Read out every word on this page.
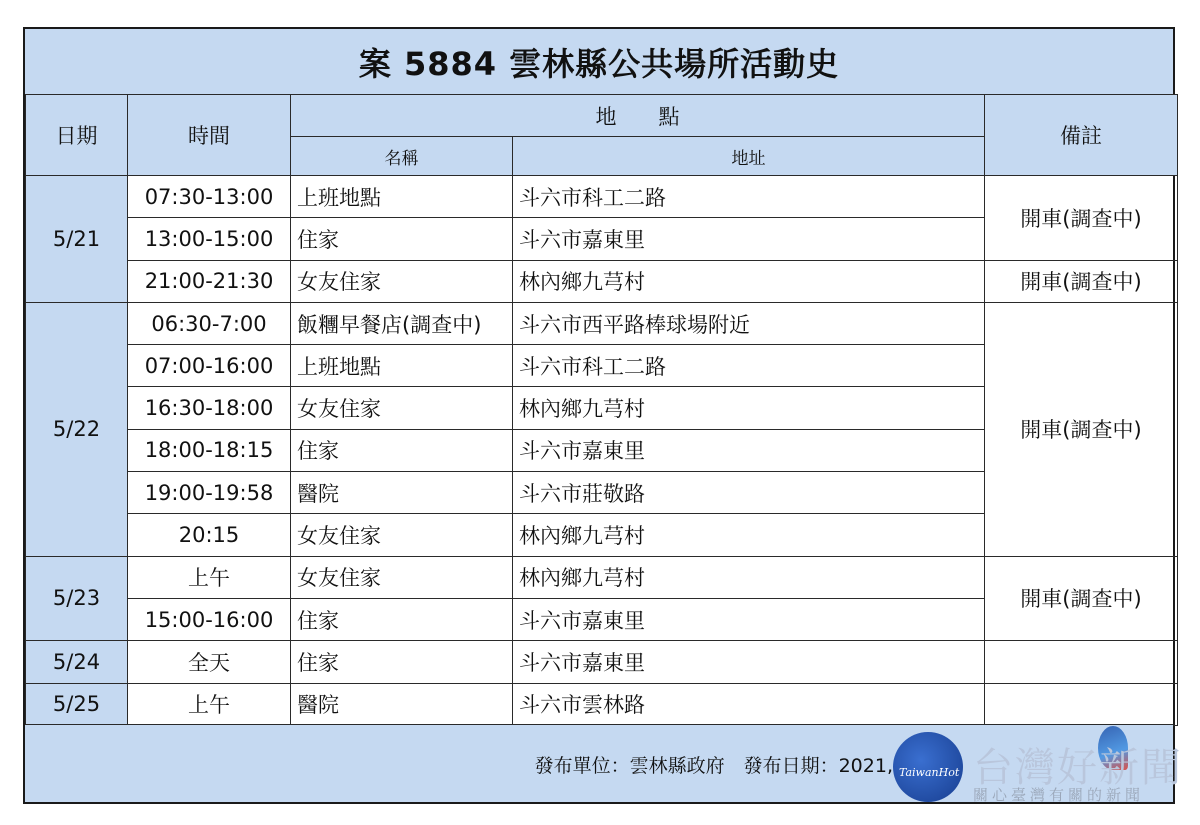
案 5884 雲林縣公共場所活動史
日期	時間	地　　點		備註
		名稱	地址	
5/21	07:30-13:00	上班地點	斗六市科工二路	開車(調查中)
	13:00-15:00	住家	斗六市嘉東里	
	21:00-21:30	女友住家	林內鄉九芎村	開車(調查中)
5/22	06:30-7:00	飯糰早餐店(調查中)	斗六市西平路棒球場附近	開車(調查中)
	07:00-16:00	上班地點	斗六市科工二路	
	16:30-18:00	女友住家	林內鄉九芎村	
	18:00-18:15	住家	斗六市嘉東里	
	19:00-19:58	醫院	斗六市莊敬路	
	20:15	女友住家	林內鄉九芎村	
5/23	上午	女友住家	林內鄉九芎村	開車(調查中)
	15:00-16:00	住家	斗六市嘉東里	
5/24	全天	住家	斗六市嘉東里	
5/25	上午	醫院	斗六市雲林路	
發布單位：雲林縣政府　發布日期：2021, TaiwanHot 台灣好新聞
關心臺灣有關的新聞
